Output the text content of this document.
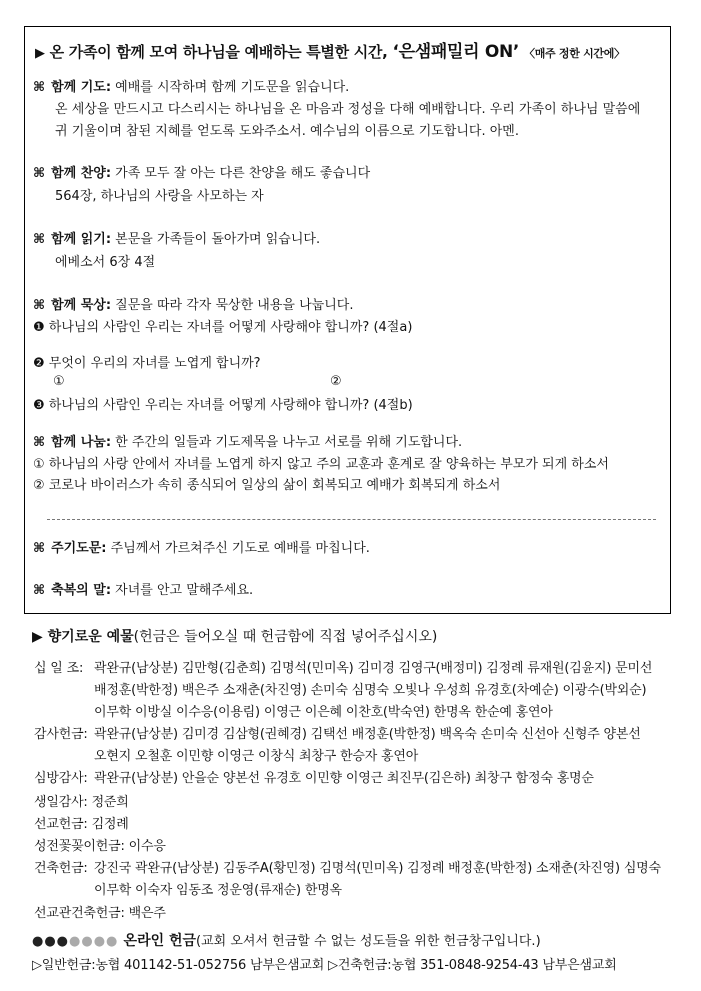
▶ 온 가족이 함께 모여 하나님을 예배하는 특별한 시간, ‘은샘패밀리 ON’ 〈매주 정한 시간에〉
⌘ 함께 기도: 예배를 시작하며 함께 기도문을 읽습니다.
온 세상을 만드시고 다스리시는 하나님을 온 마음과 정성을 다해 예배합니다. 우리 가족이 하나님 말씀에
귀 기울이며 참된 지혜를 얻도록 도와주소서. 예수님의 이름으로 기도합니다. 아멘.
⌘ 함께 찬양: 가족 모두 잘 아는 다른 찬양을 해도 좋습니다
564장, 하나님의 사랑을 사모하는 자
⌘ 함께 읽기: 본문을 가족들이 돌아가며 읽습니다.
에베소서 6장 4절
⌘ 함께 묵상: 질문을 따라 각자 묵상한 내용을 나눕니다.
❶ 하나님의 사람인 우리는 자녀를 어떻게 사랑해야 합니까? (4절a)
❷ 무엇이 우리의 자녀를 노엽게 합니까?
①	②
❸ 하나님의 사람인 우리는 자녀를 어떻게 사랑해야 합니까? (4절b)
⌘ 함께 나눔: 한 주간의 일들과 기도제목을 나누고 서로를 위해 기도합니다.
① 하나님의 사랑 안에서 자녀를 노엽게 하지 않고 주의 교훈과 훈계로 잘 양육하는 부모가 되게 하소서
② 코로나 바이러스가 속히 종식되어 일상의 삶이 회복되고 예배가 회복되게 하소서
⌘ 주기도문: 주님께서 가르쳐주신 기도로 예배를 마칩니다.
⌘ 축복의 말: 자녀를 안고 말해주세요.
▶ 향기로운 예물(헌금은 들어오실 때 헌금함에 직접 넣어주십시오)
십 일 조: 곽완규(남상분) 김만형(김춘희) 김명석(민미옥) 김미경 김영구(배정미) 김정례 류재원(김윤지) 문미선
배정훈(박한정) 백은주 소재춘(차진영) 손미숙 심명숙 오빛나 우성희 유경호(차예순) 이광수(박외순)
이무학 이방실 이수응(이용림) 이영근 이은혜 이찬호(박숙연) 한명옥 한순예 홍연아
감사헌금: 곽완규(남상분) 김미경 김삼형(권혜경) 김택선 배정훈(박한정) 백옥숙 손미숙 신선아 신형주 양본선
오현지 오철훈 이민향 이영근 이창식 최창구 한승자 홍연아
심방감사: 곽완규(남상분) 안을순 양본선 유경호 이민향 이영근 최진무(김은하) 최창구 함정숙 홍명순
생일감사: 정준희
선교헌금: 김정례
성전꽃꽂이헌금: 이수응
건축헌금: 강진국 곽완규(남상분) 김동주A(황민정) 김명석(민미옥) 김정례 배정훈(박한정) 소재춘(차진영) 심명숙
이무학 이숙자 임동조 정운영(류재순) 한명옥
선교관건축헌금: 백은주
●●●●●●● 온라인 헌금(교회 오셔서 헌금할 수 없는 성도들을 위한 헌금창구입니다.)
▷일반헌금:농협 401142-51-052756 남부은샘교회 ▷건축헌금:농협 351-0848-9254-43 남부은샘교회
